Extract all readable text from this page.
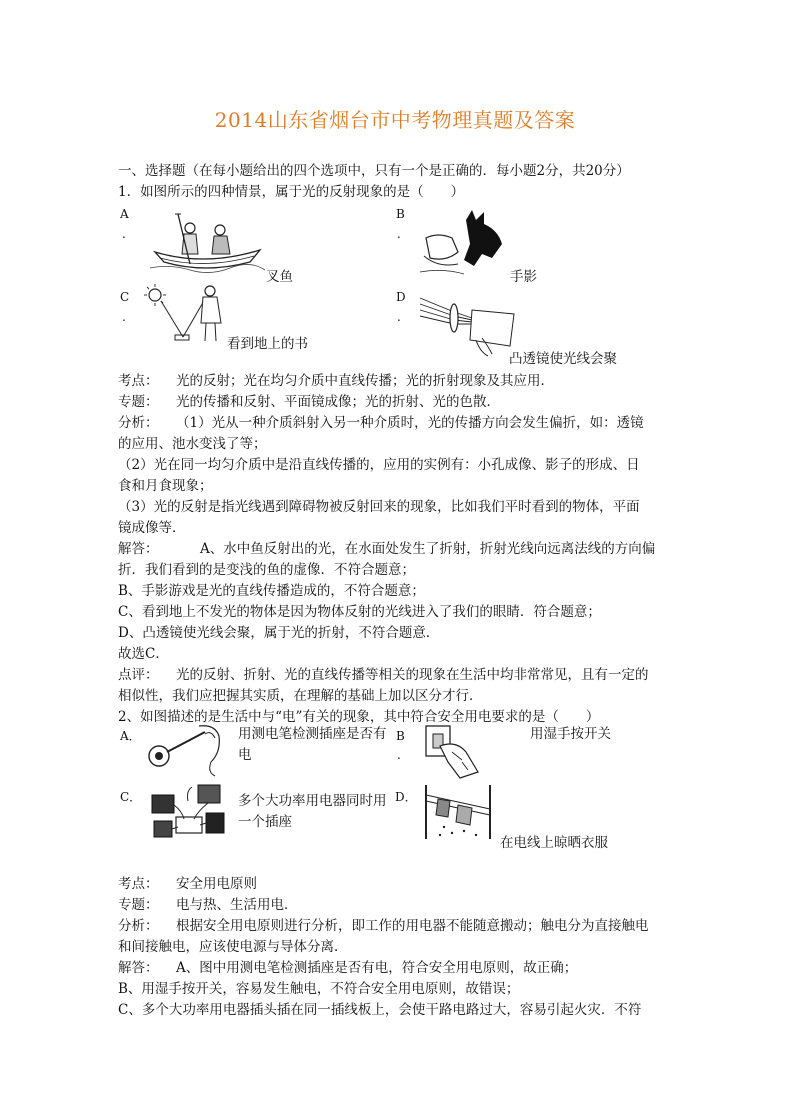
2014山东省烟台市中考物理真题及答案
一、选择题（在每小题给出的四个选项中，只有一个是正确的．每小题2分，共20分）
1．如图所示的四种情景，属于光的反射现象的是（　　）
A
.
叉鱼
B
.
手影
C
.
看到地上的书
D
.
凸透镜使光线会聚
考点： 光的反射；光在均匀介质中直线传播；光的折射现象及其应用．
专题： 光的传播和反射、平面镜成像；光的折射、光的色散．
分析： （1）光从一种介质斜射入另一种介质时，光的传播方向会发生偏折，如：透镜
的应用、池水变浅了等；
（2）光在同一均匀介质中是沿直线传播的，应用的实例有：小孔成像、影子的形成、日
食和月食现象；
（3）光的反射是指光线遇到障碍物被反射回来的现象，比如我们平时看到的物体，平面
镜成像等．
解答：	A、水中鱼反射出的光，在水面处发生了折射，折射光线向远离法线的方向偏
折．我们看到的是变浅的鱼的虚像．不符合题意；
B、手影游戏是光的直线传播造成的，不符合题意；
C、看到地上不发光的物体是因为物体反射的光线进入了我们的眼睛．符合题意；
D、凸透镜使光线会聚，属于光的折射，不符合题意．
故选C．
点评： 光的反射、折射、光的直线传播等相关的现象在生活中均非常常见，且有一定的
相似性，我们应把握其实质，在理解的基础上加以区分才行．
2、如图描述的是生活中与“电”有关的现象，其中符合安全用电要求的是（　　）
A．	用测电笔检测插座是否有
电
B
.
用湿手按开关
C．	多个大功率用电器同时用
一个插座
D．
在电线上晾晒衣服
考点： 安全用电原则
专题： 电与热、生活用电．
分析： 根据安全用电原则进行分析，即工作的用电器不能随意搬动；触电分为直接触电
和间接触电，应该使电源与导体分离．
解答： A、图中用测电笔检测插座是否有电，符合安全用电原则，故正确；
B、用湿手按开关，容易发生触电，不符合安全用电原则，故错误；
C、多个大功率用电器插头插在同一插线板上，会使干路电路过大，容易引起火灾．不符
